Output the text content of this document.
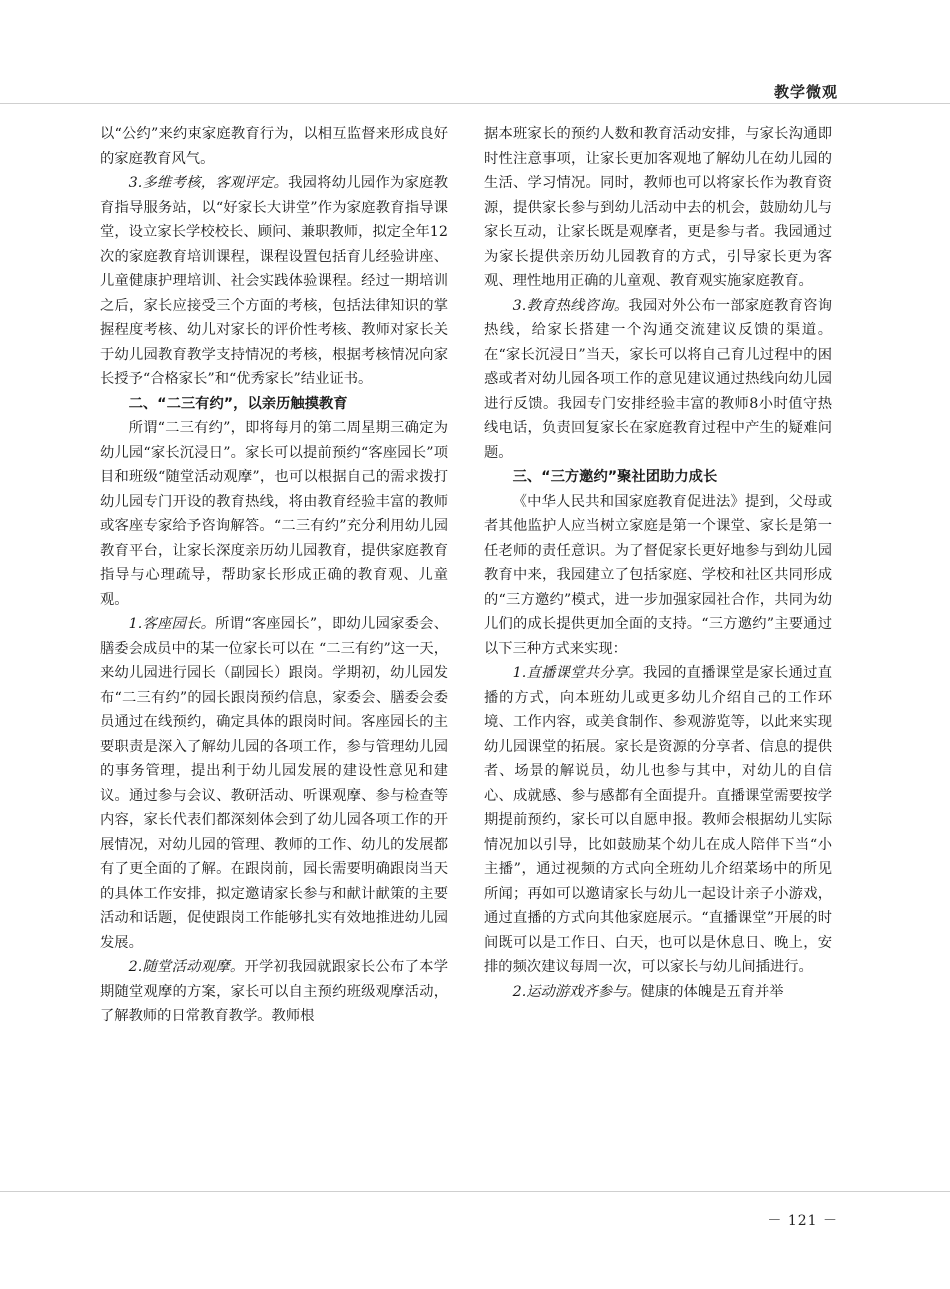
教学微观

以“公约”来约束家庭教育行为，以相互监督来形成良好的家庭教育风气。

3.多维考核，客观评定。我园将幼儿园作为家庭教育指导服务站，以“好家长大讲堂”作为家庭教育指导课堂，设立家长学校校长、顾问、兼职教师，拟定全年12次的家庭教育培训课程，课程设置包括育儿经验讲座、儿童健康护理培训、社会实践体验课程。经过一期培训之后，家长应接受三个方面的考核，包括法律知识的掌握程度考核、幼儿对家长的评价性考核、教师对家长关于幼儿园教育教学支持情况的考核，根据考核情况向家长授予“合格家长”和“优秀家长”结业证书。

二、“二三有约”，以亲历触摸教育

所谓“二三有约”，即将每月的第二周星期三确定为幼儿园“家长沉浸日”。家长可以提前预约“客座园长”项目和班级“随堂活动观摩”，也可以根据自己的需求拨打幼儿园专门开设的教育热线，将由教育经验丰富的教师或客座专家给予咨询解答。“二三有约”充分利用幼儿园教育平台，让家长深度亲历幼儿园教育，提供家庭教育指导与心理疏导，帮助家长形成正确的教育观、儿童观。

1.客座园长。所谓“客座园长”，即幼儿园家委会、膳委会成员中的某一位家长可以在 “二三有约”这一天，来幼儿园进行园长（副园长）跟岗。学期初，幼儿园发布“二三有约”的园长跟岗预约信息，家委会、膳委会委员通过在线预约，确定具体的跟岗时间。客座园长的主要职责是深入了解幼儿园的各项工作，参与管理幼儿园的事务管理，提出利于幼儿园发展的建设性意见和建议。通过参与会议、教研活动、听课观摩、参与检查等内容，家长代表们都深刻体会到了幼儿园各项工作的开展情况，对幼儿园的管理、教师的工作、幼儿的发展都有了更全面的了解。在跟岗前，园长需要明确跟岗当天的具体工作安排，拟定邀请家长参与和献计献策的主要活动和话题，促使跟岗工作能够扎实有效地推进幼儿园发展。

2.随堂活动观摩。开学初我园就跟家长公布了本学期随堂观摩的方案，家长可以自主预约班级观摩活动，了解教师的日常教育教学。教师根

据本班家长的预约人数和教育活动安排，与家长沟通即时性注意事项，让家长更加客观地了解幼儿在幼儿园的生活、学习情况。同时，教师也可以将家长作为教育资源，提供家长参与到幼儿活动中去的机会，鼓励幼儿与家长互动，让家长既是观摩者，更是参与者。我园通过为家长提供亲历幼儿园教育的方式，引导家长更为客观、理性地用正确的儿童观、教育观实施家庭教育。

3.教育热线咨询。我园对外公布一部家庭教育咨询热线，给家长搭建一个沟通交流建议反馈的渠道。在“家长沉浸日”当天，家长可以将自己育儿过程中的困惑或者对幼儿园各项工作的意见建议通过热线向幼儿园进行反馈。我园专门安排经验丰富的教师8小时值守热线电话，负责回复家长在家庭教育过程中产生的疑难问题。

三、“三方邀约”聚社团助力成长

《中华人民共和国家庭教育促进法》提到，父母或者其他监护人应当树立家庭是第一个课堂、家长是第一任老师的责任意识。为了督促家长更好地参与到幼儿园教育中来，我园建立了包括家庭、学校和社区共同形成的“三方邀约”模式，进一步加强家园社合作，共同为幼儿们的成长提供更加全面的支持。“三方邀约”主要通过以下三种方式来实现：

1.直播课堂共分享。我园的直播课堂是家长通过直播的方式，向本班幼儿或更多幼儿介绍自己的工作环境、工作内容，或美食制作、参观游览等，以此来实现幼儿园课堂的拓展。家长是资源的分享者、信息的提供者、场景的解说员，幼儿也参与其中，对幼儿的自信心、成就感、参与感都有全面提升。直播课堂需要按学期提前预约，家长可以自愿申报。教师会根据幼儿实际情况加以引导，比如鼓励某个幼儿在成人陪伴下当“小主播”，通过视频的方式向全班幼儿介绍菜场中的所见所闻；再如可以邀请家长与幼儿一起设计亲子小游戏，通过直播的方式向其他家庭展示。“直播课堂”开展的时间既可以是工作日、白天，也可以是休息日、晚上，安排的频次建议每周一次，可以家长与幼儿间插进行。

2.运动游戏齐参与。健康的体魄是五育并举

－ 121 －
